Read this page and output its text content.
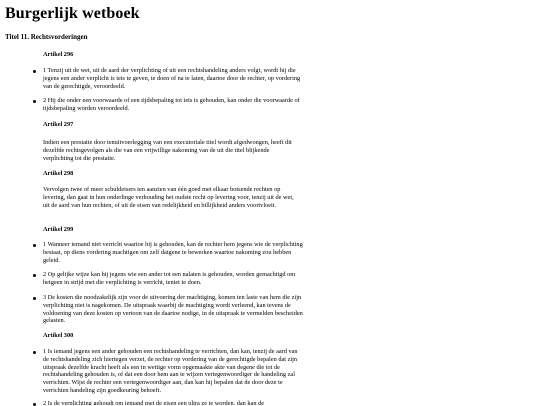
Burgerlijk wetboek

Titel 11. Rechtsvorderingen

Artikel 296

1 Tenzij uit de wet, uit de aard der verplichting of uit een rechtshandeling anders volgt, wordt hij die jegens een ander verplicht is iets te geven, te doen of na te laten, daartoe door de rechter, op vordering van de gerechtigde, veroordeeld.

2 Hij die onder een voorwaarde of een tijdsbepaling tot iets is gehouden, kan onder die voorwaarde of tijdsbepaling worden veroordeeld.

Artikel 297

Indien een prestatie door tenuitvoerlegging van een executoriale titel wordt afgedwongen, heeft dit dezelfde rechtsgevolgen als die van een vrijwillige nakoming van de uit die titel blijkende verplichting tot die prestatie.

Artikel 298

Vervolgen twee of meer schuldeisers ten aanzien van één goed met elkaar botsende rechten op levering, dan gaat in hun onderlinge verhouding het oudste recht op levering voor, tenzij uit de wet, uit de aard van hun rechten, of uit de eisen van redelijkheid en billijkheid anders voortvloeit.

Artikel 299

1 Wanneer iemand niet verricht waartoe hij is gehouden, kan de rechter hem jegens wie de verplichting bestaat, op diens vordering machtigen om zelf datgene te bewerken waartoe nakoming zou hebben geleid.

2 Op gelijke wijze kan hij jegens wie een ander tot een nalaten is gehouden, worden gemachtigd om hetgeen in strijd met die verplichting is verricht, teniet te doen.

3 De kosten die noodzakelijk zijn voor de uitvoering der machtiging, komen ten laste van hem die zijn verplichting niet is nagekomen. De uitspraak waarbij de machtiging wordt verleend, kan tevens de voldoening van deze kosten op vertoon van de daartoe nodige, in de uitspraak te vermelden bescheiden gelasten.

Artikel 300

1 Is iemand jegens een ander gehouden een rechtshandeling te verrichten, dan kan, tenzij de aard van de rechtshandeling zich hiertegen verzet, de rechter op vordering van de gerechtigde bepalen dat zijn uitspraak dezelfde kracht heeft als een in wettige vorm opgemaakte akte van degene die tot de rechtshandeling gehouden is, of dat een door hem aan te wijzen vertegenwoordiger de handeling zal verrichten. Wijst de rechter een vertegenwoordiger aan, dan kan hij bepalen dat de door deze te verrichten handeling zijn goedkeuring behoeft.

2 Is de verplichting gehoudt om iemand met de eisen een ultra ze te worden, dan kan de
